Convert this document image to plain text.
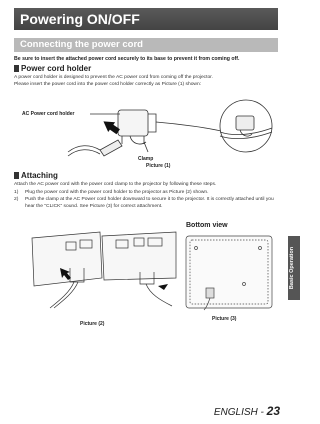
Powering ON/OFF
Connecting the power cord
Be sure to insert the attached power cord securely to its base to prevent it from coming off.
Power cord holder
A power cord holder is designed to prevent the AC power cord from coming off the projector.
Please insert the power cord into the power cord holder correctly as Picture (1) shown:
AC Power cord holder
Clamp
Picture (1)
Attaching
Attach the AC power cord with the power cord clamp to the projector by following these steps.
1) Plug the power cord with the power cord holder to the projector as Picture (2) shown.
2) Push the clamp at the AC Power cord holder downward to secure it to the projector. It is correctly attached until you hear the "CLICK" sound. See Picture (3) for correct attachment.
Bottom view
Picture (2)
Picture (3)
Basic Operation
ENGLISH - 23
